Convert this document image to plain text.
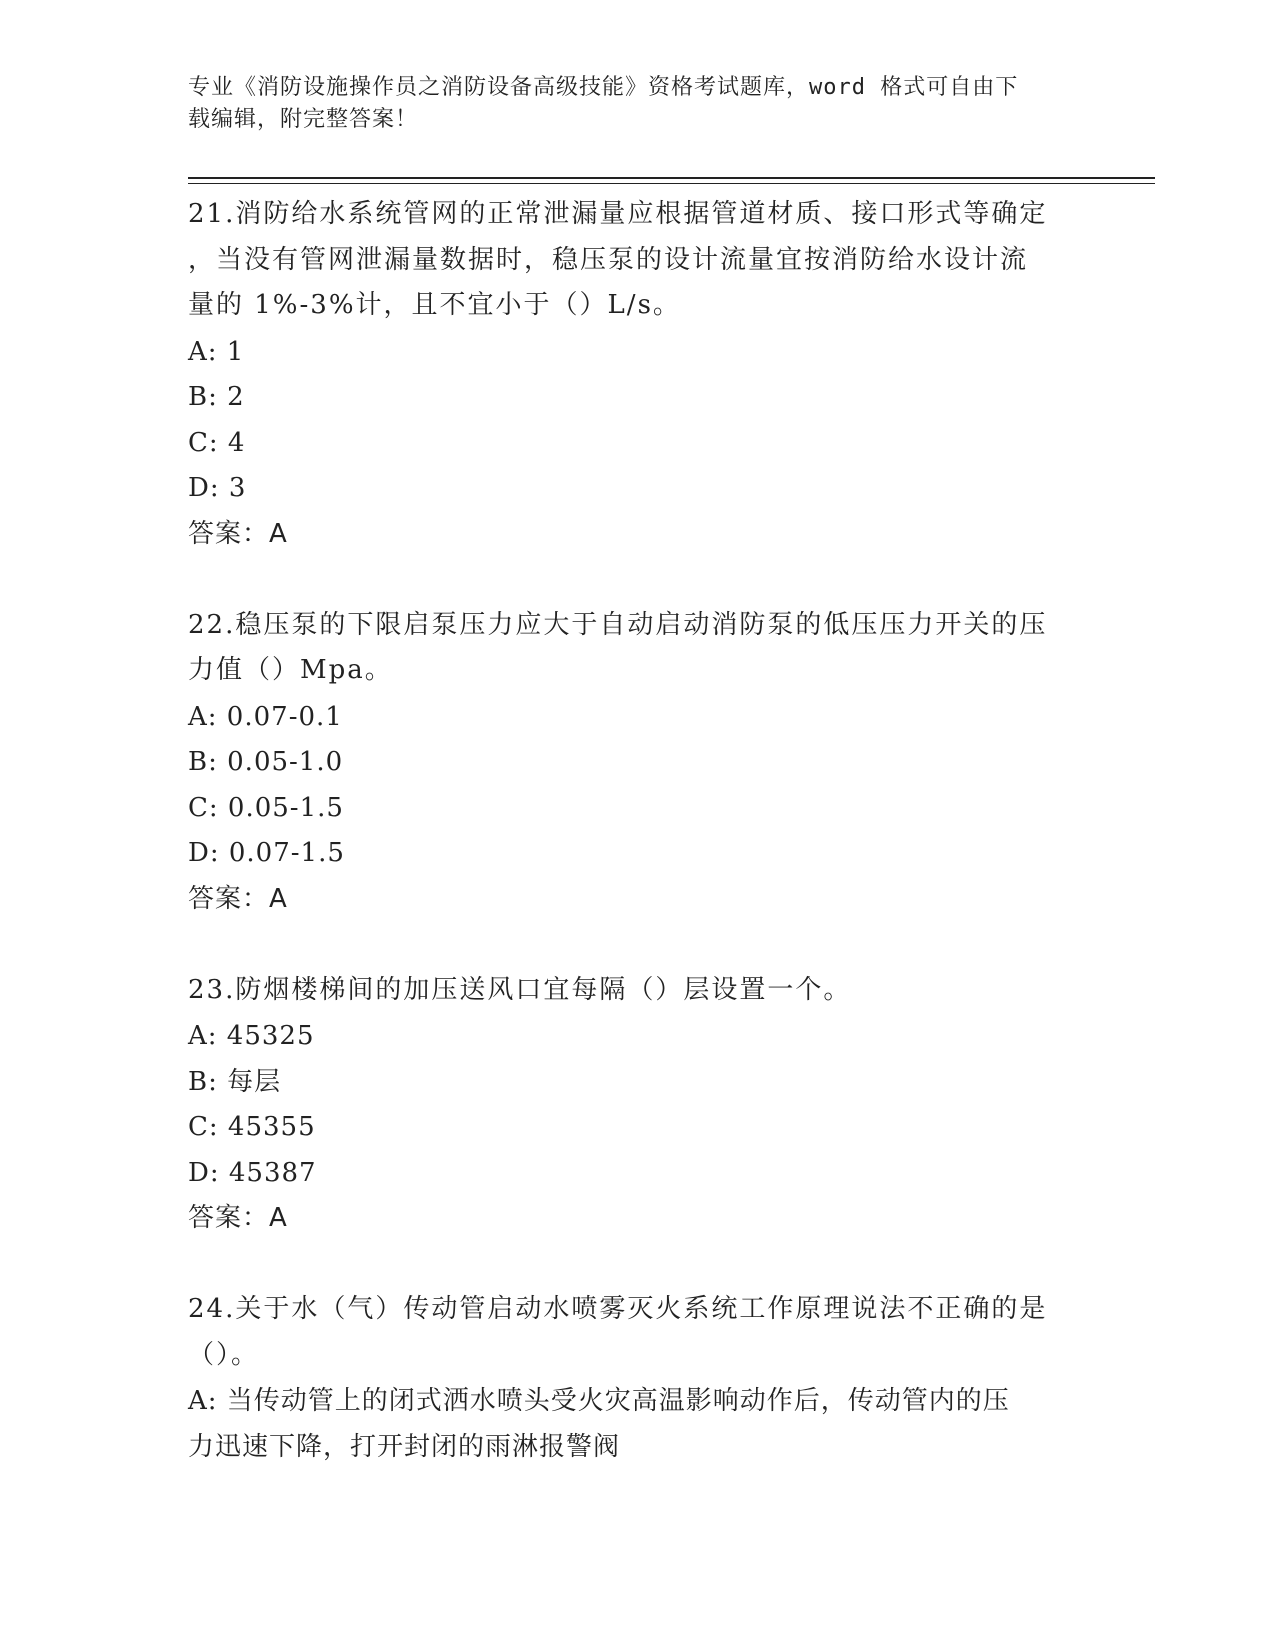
专业《消防设施操作员之消防设备高级技能》资格考试题库，word 格式可自由下
载编辑，附完整答案！
21.消防给水系统管网的正常泄漏量应根据管道材质、接口形式等确定
，当没有管网泄漏量数据时，稳压泵的设计流量宜按消防给水设计流
量的 1%-3%计，且不宜小于（）L/s。
A: 1
B: 2
C: 4
D: 3
答案：A
22.稳压泵的下限启泵压力应大于自动启动消防泵的低压压力开关的压
力值（）Mpa。
A: 0.07-0.1
B: 0.05-1.0
C: 0.05-1.5
D: 0.07-1.5
答案：A
23.防烟楼梯间的加压送风口宜每隔（）层设置一个。
A: 45325
B: 每层
C: 45355
D: 45387
答案：A
24.关于水（气）传动管启动水喷雾灭火系统工作原理说法不正确的是
（）。
A: 当传动管上的闭式洒水喷头受火灾高温影响动作后，传动管内的压
力迅速下降，打开封闭的雨淋报警阀
